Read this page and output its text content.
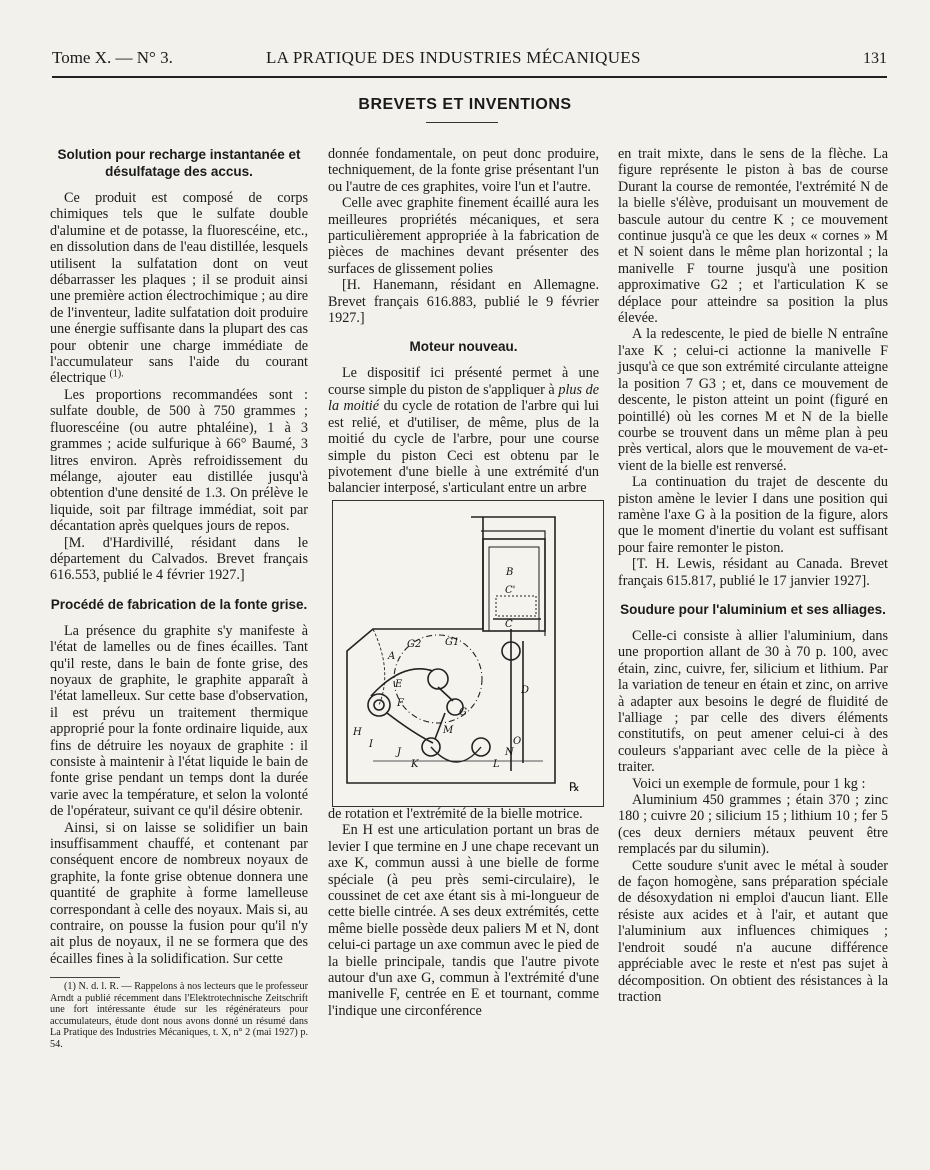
Tome X. — N° 3.	LA PRATIQUE DES INDUSTRIES MÉCANIQUES	131
BREVETS ET INVENTIONS
Solution pour recharge instantanée et désulfatage des accus.

Ce produit est composé de corps chimiques tels que le sulfate double d'alumine et de potasse, la fluorescéine, etc., en dissolution dans de l'eau distillée, lesquels utilisent la sulfatation dont on veut débarrasser les plaques ; il se produit ainsi une première action électrochimique ; au dire de l'inventeur, ladite sulfatation doit produire une énergie suffisante dans la plupart des cas pour obtenir une charge immédiate de l'accumulateur sans l'aide du courant électrique $^{(1).}$

Les proportions recommandées sont : sulfate double, de 500 à 750 grammes ; fluorescéine (ou autre phtaléine), 1 à 3 grammes ; acide sulfurique à 66° Baumé, 3 litres environ. Après refroidissement du mélange, ajouter eau distillée jusqu'à obtention d'une densité de 1.3. On prélève le liquide, soit par filtrage immédiat, soit par décantation après quelques jours de repos.

[M. d'Hardivillé, résidant dans le département du Calvados. Brevet français 616.553, publié le 4 février 1927.]

Procédé de fabrication de la fonte grise.

La présence du graphite s'y manifeste à l'état de lamelles ou de fines écailles. Tant qu'il reste, dans le bain de fonte grise, des noyaux de graphite, le graphite apparaît à l'état lamelleux. Sur cette base d'observation, il est prévu un traitement thermique approprié pour la fonte ordinaire liquide, aux fins de détruire les noyaux de graphite : il consiste à maintenir à l'état liquide le bain de fonte grise pendant un temps dont la durée varie avec la température, et selon la volonté de l'opérateur, suivant ce qu'il désire obtenir.

Ainsi, si on laisse se solidifier un bain insuffisamment chauffé, et contenant par conséquent encore de nombreux noyaux de graphite, la fonte grise obtenue donnera une quantité de graphite à forme lamelleuse correspondant à celle des noyaux. Mais si, au contraire, on pousse la fusion pour qu'il n'y ait plus de noyaux, il ne se formera que des écailles fines à la solidification. Sur cette

(1) N. d. l. R. — Rappelons à nos lecteurs que le professeur Arndt a publié récemment dans l'Elektrotechnische Zeitschrift une fort intéressante étude sur les régénérateurs pour accumulateurs, étude dont nous avons donné un résumé dans La Pratique des Industries Mécaniques, t. X, n° 2 (mai 1927) p. 54.

donnée fondamentale, on peut donc produire, techniquement, de la fonte grise présentant l'un ou l'autre de ces graphites, voire l'un et l'autre.

Celle avec graphite finement écaillé aura les meilleures propriétés mécaniques, et sera particulièrement appropriée à la fabrication de pièces de machines devant présenter des surfaces de glissement polies

[H. Hanemann, résidant en Allemagne. Brevet français 616.883, publié le 9 février 1927.]

Moteur nouveau.

Le dispositif ici présenté permet à une course simple du piston de s'appliquer à plus de la moitié du cycle de rotation de l'arbre qui lui est relié, et d'utiliser, de même, plus de la moitié du cycle de l'arbre, pour une course simple du piston Ceci est obtenu par le pivotement d'une bielle à une extrémité d'un balancier interposé, s'articulant entre un arbre

B
C'
C
A
G2 G1
E
F
G
D
H
I
M
J
O
N
K	L
℞

de rotation et l'extrémité de la bielle motrice.

En H est une articulation portant un bras de levier I que termine en J une chape recevant un axe K, commun aussi à une bielle de forme spéciale (à peu près semi-circulaire), le coussinet de cet axe étant sis à mi-longueur de cette bielle cintrée. A ses deux extrémités, cette même bielle possède deux paliers M et N, dont celui-ci partage un axe commun avec le pied de la bielle principale, tandis que l'autre pivote autour d'un axe G, commun à l'extrémité d'une manivelle F, centrée en E et tournant, comme l'indique une circonférence

en trait mixte, dans le sens de la flèche. La figure représente le piston à bas de course Durant la course de remontée, l'extrémité N de la bielle s'élève, produisant un mouvement de bascule autour du centre K ; ce mouvement continue jusqu'à ce que les deux « cornes » M et N soient dans le même plan horizontal ; la manivelle F tourne jusqu'à une position approximative G2 ; et l'articulation K se déplace pour atteindre sa position la plus élevée.

A la redescente, le pied de bielle N entraîne l'axe K ; celui-ci actionne la manivelle F jusqu'à ce que son extrémité circulante atteigne la position 7 G3 ; et, dans ce mouvement de descente, le piston atteint un point (figuré en pointillé) où les cornes M et N de la bielle courbe se trouvent dans un même plan à peu près vertical, alors que le mouvement de va-et-vient de la bielle est renversé.

La continuation du trajet de descente du piston amène le levier I dans une position qui ramène l'axe G à la position de la figure, alors que le moment d'inertie du volant est suffisant pour faire remonter le piston.

[T. H. Lewis, résidant au Canada. Brevet français 615.817, publié le 17 janvier 1927].

Soudure pour l'aluminium et ses alliages.

Celle-ci consiste à allier l'aluminium, dans une proportion allant de 30 à 70 p. 100, avec étain, zinc, cuivre, fer, silicium et lithium. Par la variation de teneur en étain et zinc, on arrive à adapter aux besoins le degré de fluidité de l'alliage ; par celle des divers éléments constitutifs, on peut amener celui-ci à des couleurs s'appariant avec celle de la pièce à traiter.

Voici un exemple de formule, pour 1 kg :

Aluminium 450 grammes ; étain 370 ; zinc 180 ; cuivre 20 ; silicium 15 ; lithium 10 ; fer 5 (ces deux derniers métaux peuvent être remplacés par du silumin).

Cette soudure s'unit avec le métal à souder de façon homogène, sans préparation spéciale de désoxydation ni emploi d'aucun liant. Elle résiste aux acides et à l'air, et autant que l'aluminium aux influences chimiques ; l'endroit soudé n'a aucune différence appréciable avec le reste et n'est pas sujet à décomposition. On obtient des résistances à la traction
